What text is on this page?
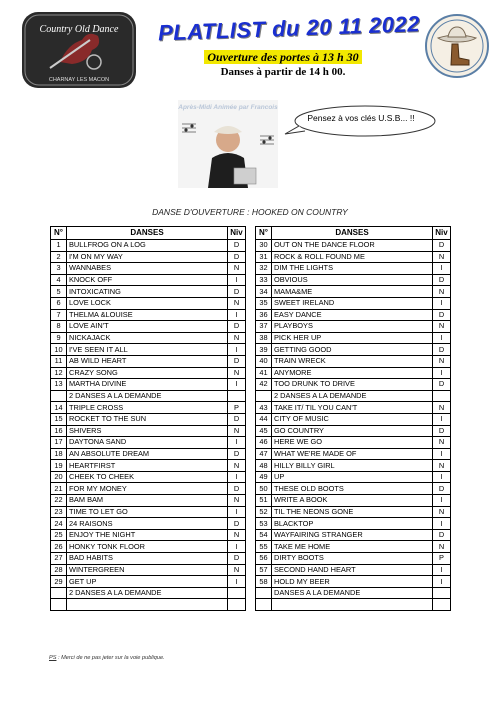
Country Old Dance
CHARNAY LES MACON
PLATLIST du 20 11 2022
Ouverture des portes à 13 h 30
Danses à partir de 14 h 00.
Après-Midi Animée par Francois
Pensez à vos clés U.S.B... !!
DANSE D'OUVERTURE : HOOKED ON COUNTRY
N°	DANSES	Niv
1	BULLFROG ON A LOG	D
2	I'M ON MY WAY	D
3	WANNABES	N
4	KNOCK OFF	I
5	INTOXICATING	D
6	LOVE LOCK	N
7	THELMA &LOUISE	I
8	LOVE AIN'T	D
9	NICKAJACK	N
10	I'VE SEEN IT ALL	I
11	AB WILD HEART	D
12	CRAZY SONG	N
13	MARTHA DIVINE	I
	2 DANSES A LA DEMANDE	
14	TRIPLE CROSS	P
15	ROCKET TO THE SUN	D
16	SHIVERS	N
17	DAYTONA SAND	I
18	AN ABSOLUTE DREAM	D
19	HEARTFIRST	N
20	CHEEK TO CHEEK	I
21	FOR MY MONEY	D
22	BAM BAM	N
23	TIME TO LET GO	I
24	24 RAISONS	D
25	ENJOY THE NIGHT	N
26	HONKY TONK FLOOR	I
27	BAD HABITS	D
28	WINTERGREEN	N
29	GET UP	I
	2 DANSES A LA DEMANDE	

N°	DANSES	Niv
30	OUT ON THE DANCE FLOOR	D
31	ROCK & ROLL FOUND ME	N
32	DIM THE LIGHTS	I
33	OBVIOUS	D
34	MAMA&ME	N
35	SWEET IRELAND	I
36	EASY DANCE	D
37	PLAYBOYS	N
38	PICK HER UP	I
39	GETTING GOOD	D
40	TRAIN WRECK	N
41	ANYMORE	I
42	TOO DRUNK TO DRIVE	D
	2 DANSES A LA DEMANDE	
43	TAKE IT/ TIL YOU CAN'T	N
44	CITY OF MUSIC	I
45	GO COUNTRY	D
46	HERE WE GO	N
47	WHAT WE'RE MADE OF	I
48	HILLY BILLY GIRL	N
49	UP	I
50	THESE OLD BOOTS	D
51	WRITE A BOOK	I
52	TIL THE NEONS GONE	N
53	BLACKTOP	I
54	WAYFAIRING STRANGER	D
55	TAKE ME HOME	N
56	DIRTY BOOTS	P
57	SECOND HAND HEART	I
58	HOLD MY BEER	I
	DANSES A LA DEMANDE	

PS : Merci de ne pas jeter sur la voie publique.
